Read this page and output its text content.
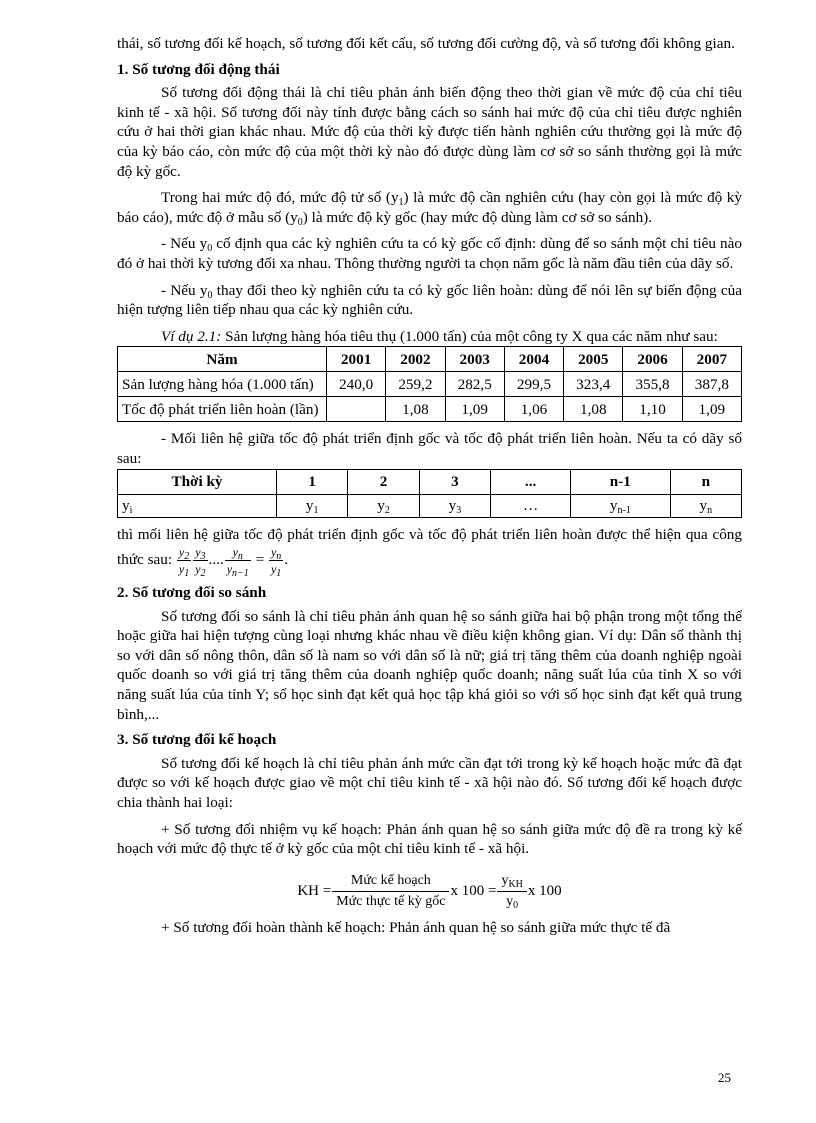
thái, số tương đối kế hoạch, số tương đối kết cấu, số tương đối cường độ, và số tương đối không gian.

1. Số tương đối động thái

Số tương đối động thái là chỉ tiêu phản ánh biến động theo thời gian về mức độ của chỉ tiêu kinh tế - xã hội. Số tương đối này tính được bằng cách so sánh hai mức độ của chỉ tiêu được nghiên cứu ở hai thời gian khác nhau. Mức độ của thời kỳ được tiến hành nghiên cứu thường gọi là mức độ của kỳ báo cáo, còn mức độ của một thời kỳ nào đó được dùng làm cơ sở so sánh thường gọi là mức độ kỳ gốc.

Trong hai mức độ đó, mức độ tử số $(y_1)$ là mức độ cần nghiên cứu (hay còn gọi là mức độ kỳ báo cáo), mức độ ở mẫu số $(y_0)$ là mức độ kỳ gốc (hay mức độ dùng làm cơ sở so sánh).

- Nếu $y_0$ cố định qua các kỳ nghiên cứu ta có kỳ gốc cố định: dùng để so sánh một chỉ tiêu nào đó ở hai thời kỳ tương đối xa nhau. Thông thường người ta chọn năm gốc là năm đầu tiên của dãy số.

- Nếu $y_0$ thay đổi theo kỳ nghiên cứu ta có kỳ gốc liên hoàn: dùng để nói lên sự biến động của hiện tượng liên tiếp nhau qua các kỳ nghiên cứu.

Ví dụ 2.1: Sản lượng hàng hóa tiêu thụ (1.000 tấn) của một công ty X qua các năm như sau:

Năm	2001	2002	2003	2004	2005	2006	2007
Sản lượng hàng hóa (1.000 tấn)	240,0	259,2	282,5	299,5	323,4	355,8	387,8
Tốc độ phát triển liên hoàn (lần)		1,08	1,09	1,06	1,08	1,10	1,09

- Mối liên hệ giữa tốc độ phát triển định gốc và tốc độ phát triển liên hoàn. Nếu ta có dãy số sau:

Thời kỳ	1	2	3	...	n-1	n
$y_i$	$y_1$	$y_2$	$y_3$	…	$y_{n-1}$	$y_n$

thì mối liên hệ giữa tốc độ phát triển định gốc và tốc độ phát triển liên hoàn được thể hiện qua công thức sau: $\frac{y_2}{y_1} \frac{y_3}{y_2}$ .... $\frac{y_n}{y_{n-1}} = \frac{y_n}{y_1}$ .

2. Số tương đối so sánh

Số tương đối so sánh là chỉ tiêu phản ánh quan hệ so sánh giữa hai bộ phận trong một tổng thể hoặc giữa hai hiện tượng cùng loại nhưng khác nhau về điều kiện không gian. Ví dụ: Dân số thành thị so với dân số nông thôn, dân số là nam so với dân số là nữ; giá trị tăng thêm của doanh nghiệp ngoài quốc doanh so với giá trị tăng thêm của doanh nghiệp quốc doanh; năng suất lúa của tỉnh X so với năng suất lúa của tỉnh Y; số học sinh đạt kết quả học tập khá giỏi so với số học sinh đạt kết quả trung bình,...

3. Số tương đối kế hoạch

Số tương đối kế hoạch là chỉ tiêu phản ánh mức cần đạt tới trong kỳ kế hoạch hoặc mức đã đạt được so với kế hoạch được giao về một chỉ tiêu kinh tế - xã hội nào đó. Số tương đối kế hoạch được chia thành hai loại:

+ Số tương đối nhiệm vụ kế hoạch: Phản ánh quan hệ so sánh giữa mức độ đề ra trong kỳ kế hoạch với mức độ thực tế ở kỳ gốc của một chỉ tiêu kinh tế - xã hội.

KH = $\frac{\text{Mức kế hoạch}}{\text{Mức thực tế kỳ gốc}}$ x $100 = \frac{y_{KH}}{y_0}$ x 100

+ Số tương đối hoàn thành kế hoạch: Phản ánh quan hệ so sánh giữa mức thực tế đã

25
